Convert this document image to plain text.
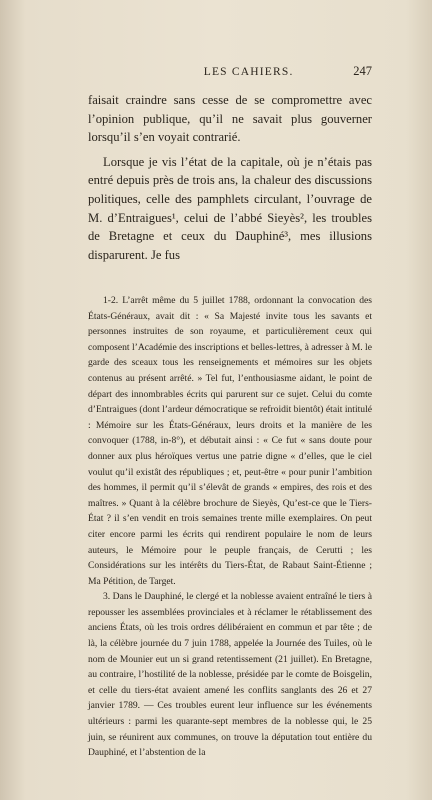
LES CAHIERS.	247

faisait craindre sans cesse de se compromettre avec l’opinion publique, qu’il ne savait plus gouverner lorsqu’il s’en voyait contrarié.

Lorsque je vis l’état de la capitale, où je n’étais pas entré depuis près de trois ans, la chaleur des discussions politiques, celle des pamphlets circulant, l’ouvrage de M. d’Entraigues¹, celui de l’abbé Sieyès², les troubles de Bretagne et ceux du Dauphiné³, mes illusions disparurent. Je fus

1-2. L’arrêt même du 5 juillet 1788, ordonnant la convocation des États-Généraux, avait dit : « Sa Majesté invite tous les savants et personnes instruites de son royaume, et particulièrement ceux qui composent l’Académie des inscriptions et belles-lettres, à adresser à M. le garde des sceaux tous les renseignements et mémoires sur les objets contenus au présent arrêté. » Tel fut, l’enthousiasme aidant, le point de départ des innombrables écrits qui parurent sur ce sujet. Celui du comte d’Entraigues (dont l’ardeur démocratique se refroidit bientôt) était intitulé : Mémoire sur les États-Généraux, leurs droits et la manière de les convoquer (1788, in-8°), et débutait ainsi : « Ce fut « sans doute pour donner aux plus héroïques vertus une patrie digne « d’elles, que le ciel voulut qu’il existât des républiques ; et, peut-être « pour punir l’ambition des hommes, il permit qu’il s’élevât de grands « empires, des rois et des maîtres. » Quant à la célèbre brochure de Sieyès, Qu’est-ce que le Tiers-État ? il s’en vendit en trois semaines trente mille exemplaires. On peut citer encore parmi les écrits qui rendirent populaire le nom de leurs auteurs, le Mémoire pour le peuple français, de Cerutti ; les Considérations sur les intérêts du Tiers-État, de Rabaut Saint-Étienne ; Ma Pétition, de Target.

3. Dans le Dauphiné, le clergé et la noblesse avaient entraîné le tiers à repousser les assemblées provinciales et à réclamer le rétablissement des anciens États, où les trois ordres délibéraient en commun et par tête ; de là, la célèbre journée du 7 juin 1788, appelée la Journée des Tuiles, où le nom de Mounier eut un si grand retentissement (21 juillet). En Bretagne, au contraire, l’hostilité de la noblesse, présidée par le comte de Boisgelin, et celle du tiers-état avaient amené les conflits sanglants des 26 et 27 janvier 1789. — Ces troubles eurent leur influence sur les événements ultérieurs : parmi les quarante-sept membres de la noblesse qui, le 25 juin, se réunirent aux communes, on trouve la députation tout entière du Dauphiné, et l’abstention de la
